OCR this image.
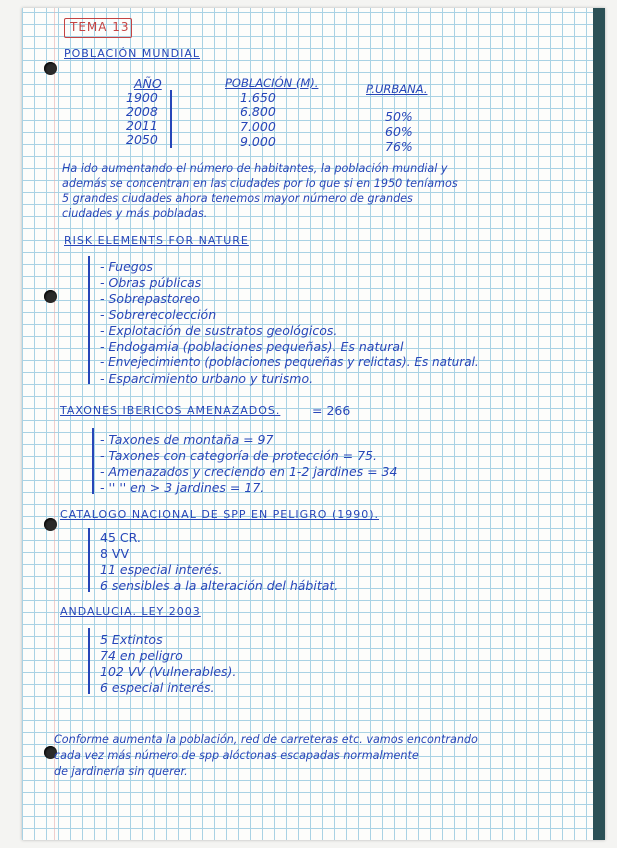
TEMA 13
POBLACIÓN MUNDIAL
AÑO	POBLACIÓN (M).	P.URBANA.
1900	1.650
2008	6.800	50%
2011	7.000	60%
2050	9.000	76%
Ha ido aumentando el número de habitantes, la población mundial y
además se concentran en las ciudades por lo que si en 1950 teníamos
5 grandes ciudades ahora tenemos mayor número de grandes
ciudades y más pobladas.
RISK ELEMENTS FOR NATURE
- Fuegos
- Obras públicas
- Sobrepastoreo
- Sobrerecolección
- Explotación de sustratos geológicos.
- Endogamia (poblaciones pequeñas). Es natural
- Envejecimiento (poblaciones pequeñas y relictas). Es natural.
- Esparcimiento urbano y turismo.
TAXONES IBERICOS AMENAZADOS.	= 266
- Taxones de montaña = 97
- Taxones con categoría de protección = 75.
- Amenazados y creciendo en 1-2 jardines = 34
- '' '' en > 3 jardines = 17.
CATALOGO NACIONAL DE SPP EN PELIGRO (1990).
45 CR.
8 VV
11 especial interés.
6 sensibles a la alteración del hábitat.
ANDALUCIA. LEY 2003
5 Extintos
74 en peligro
102 VV (Vulnerables).
6 especial interés.
Conforme aumenta la población, red de carreteras etc. vamos encontrando
cada vez más número de spp alóctonas escapadas normalmente
de jardinería sin querer.
